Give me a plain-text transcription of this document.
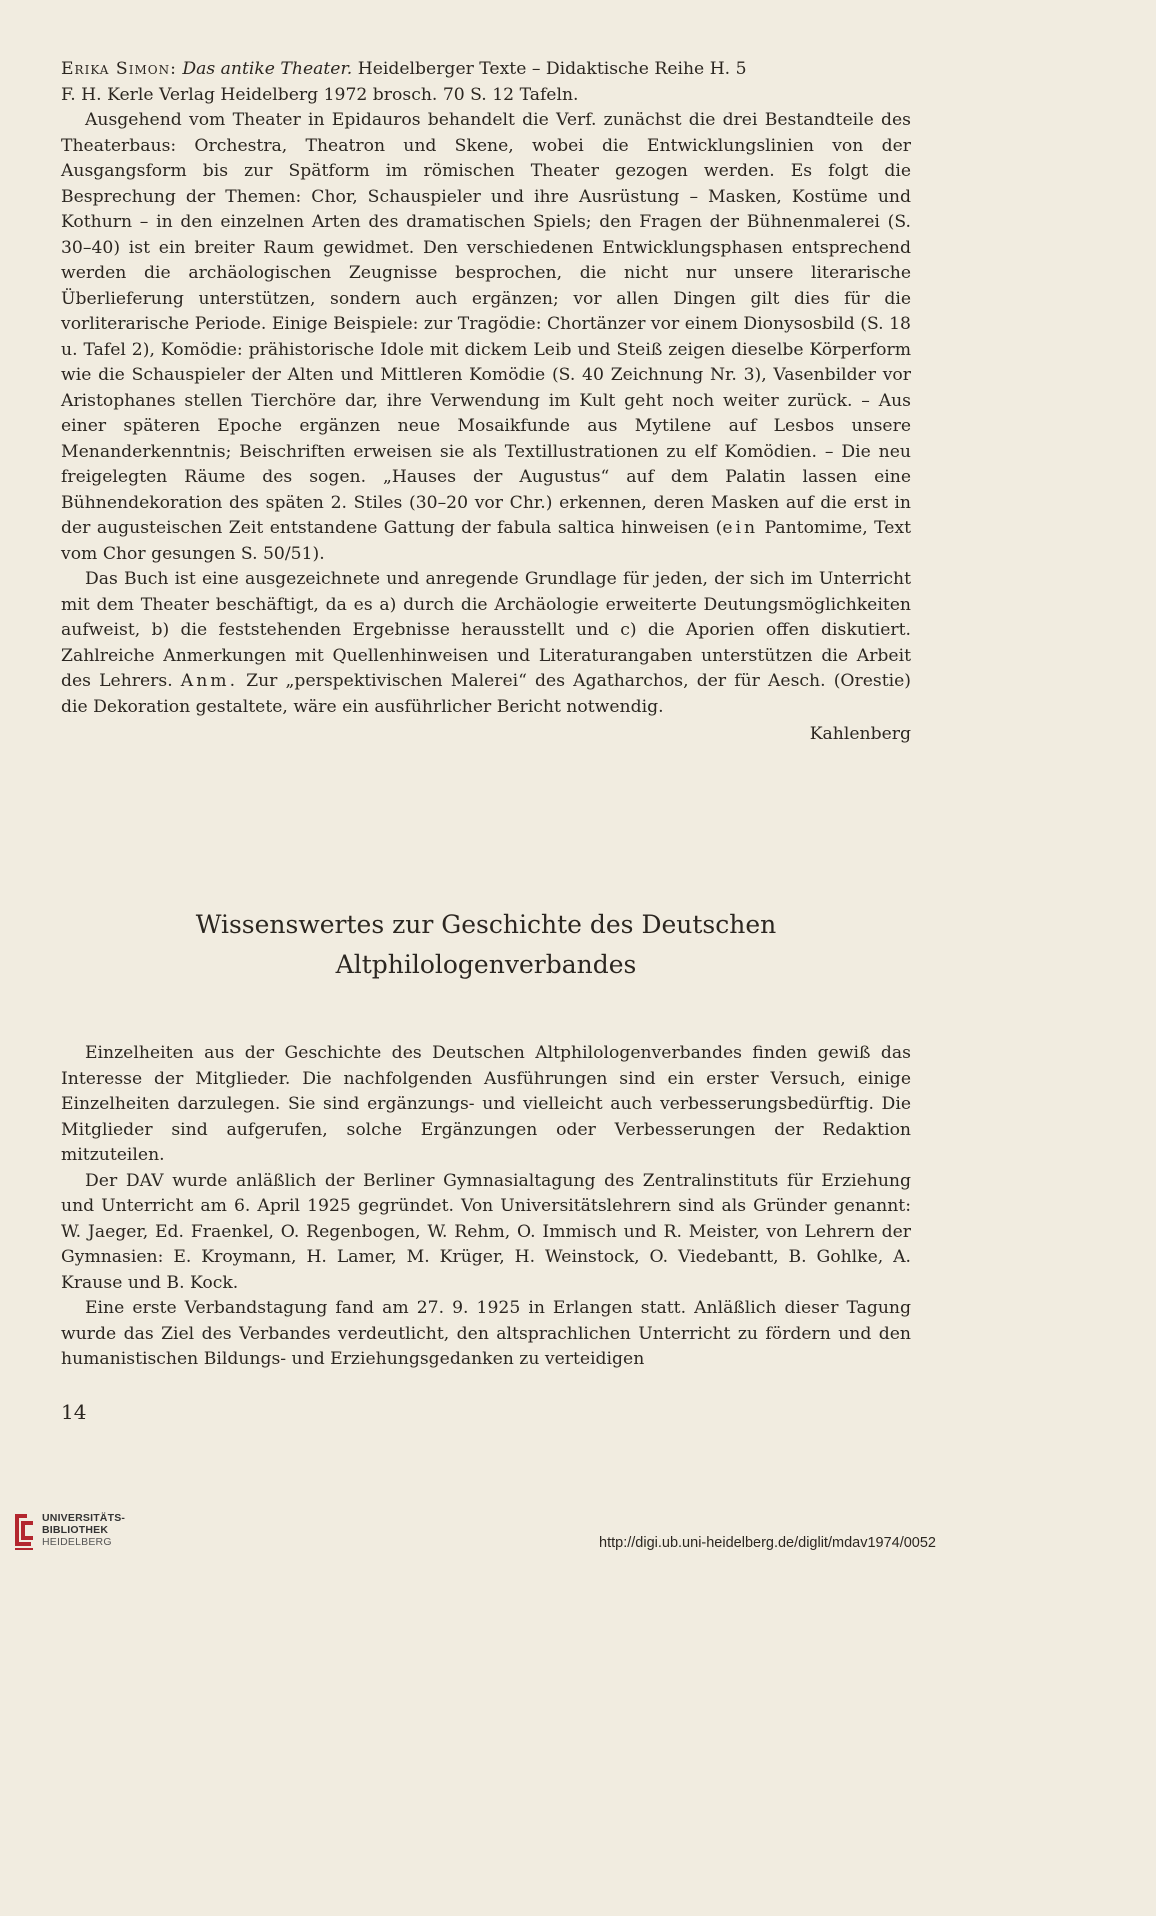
Erika Simon: Das antike Theater. Heidelberger Texte – Didaktische Reihe H. 5

F. H. Kerle Verlag Heidelberg 1972 brosch. 70 S. 12 Tafeln.

Ausgehend vom Theater in Epidauros behandelt die Verf. zunächst die drei Bestandteile des Theaterbaus: Orchestra, Theatron und Skene, wobei die Entwicklungslinien von der Ausgangsform bis zur Spätform im römischen Theater gezogen werden. Es folgt die Besprechung der Themen: Chor, Schauspieler und ihre Ausrüstung – Masken, Kostüme und Kothurn – in den einzelnen Arten des dramatischen Spiels; den Fragen der Bühnenmalerei (S. 30–40) ist ein breiter Raum gewidmet. Den verschiedenen Entwicklungsphasen entsprechend werden die archäologischen Zeugnisse besprochen, die nicht nur unsere literarische Überlieferung unterstützen, sondern auch ergänzen; vor allen Dingen gilt dies für die vorliterarische Periode. Einige Beispiele: zur Tragödie: Chortänzer vor einem Dionysosbild (S. 18 u. Tafel 2), Komödie: prähistorische Idole mit dickem Leib und Steiß zeigen dieselbe Körperform wie die Schauspieler der Alten und Mittleren Komödie (S. 40 Zeichnung Nr. 3), Vasenbilder vor Aristophanes stellen Tierchöre dar, ihre Verwendung im Kult geht noch weiter zurück. – Aus einer späteren Epoche ergänzen neue Mosaikfunde aus Mytilene auf Lesbos unsere Menanderkenntnis; Beischriften erweisen sie als Textillustrationen zu elf Komödien. – Die neu freigelegten Räume des sogen. „Hauses der Augustus“ auf dem Palatin lassen eine Bühnendekoration des späten 2. Stiles (30–20 vor Chr.) erkennen, deren Masken auf die erst in der augusteischen Zeit entstandene Gattung der fabula saltica hinweisen (ein Pantomime, Text vom Chor gesungen S. 50/51).

Das Buch ist eine ausgezeichnete und anregende Grundlage für jeden, der sich im Unterricht mit dem Theater beschäftigt, da es a) durch die Archäologie erweiterte Deutungsmöglichkeiten aufweist, b) die feststehenden Ergebnisse herausstellt und c) die Aporien offen diskutiert. Zahlreiche Anmerkungen mit Quellenhinweisen und Literaturangaben unterstützen die Arbeit des Lehrers. Anm. Zur „perspektivischen Malerei“ des Agatharchos, der für Aesch. (Orestie) die Dekoration gestaltete, wäre ein ausführlicher Bericht notwendig.

Kahlenberg
Wissenswertes zur Geschichte des Deutschen
Altphilologenverbandes

Einzelheiten aus der Geschichte des Deutschen Altphilologenverbandes finden gewiß das Interesse der Mitglieder. Die nachfolgenden Ausführungen sind ein erster Versuch, einige Einzelheiten darzulegen. Sie sind ergänzungs- und vielleicht auch verbesserungsbedürftig. Die Mitglieder sind aufgerufen, solche Ergänzungen oder Verbesserungen der Redaktion mitzuteilen.

Der DAV wurde anläßlich der Berliner Gymnasialtagung des Zentralinstituts für Erziehung und Unterricht am 6. April 1925 gegründet. Von Universitätslehrern sind als Gründer genannt: W. Jaeger, Ed. Fraenkel, O. Regenbogen, W. Rehm, O. Immisch und R. Meister, von Lehrern der Gymnasien: E. Kroymann, H. Lamer, M. Krüger, H. Weinstock, O. Viedebantt, B. Gohlke, A. Krause und B. Kock.

Eine erste Verbandstagung fand am 27. 9. 1925 in Erlangen statt. Anläßlich dieser Tagung wurde das Ziel des Verbandes verdeutlicht, den altsprachlichen Unterricht zu fördern und den humanistischen Bildungs- und Erziehungsgedanken zu verteidigen

14
UNIVERSITÄTS-
BIBLIOTHEK
HEIDELBERG	http://digi.ub.uni-heidelberg.de/diglit/mdav1974/0052
